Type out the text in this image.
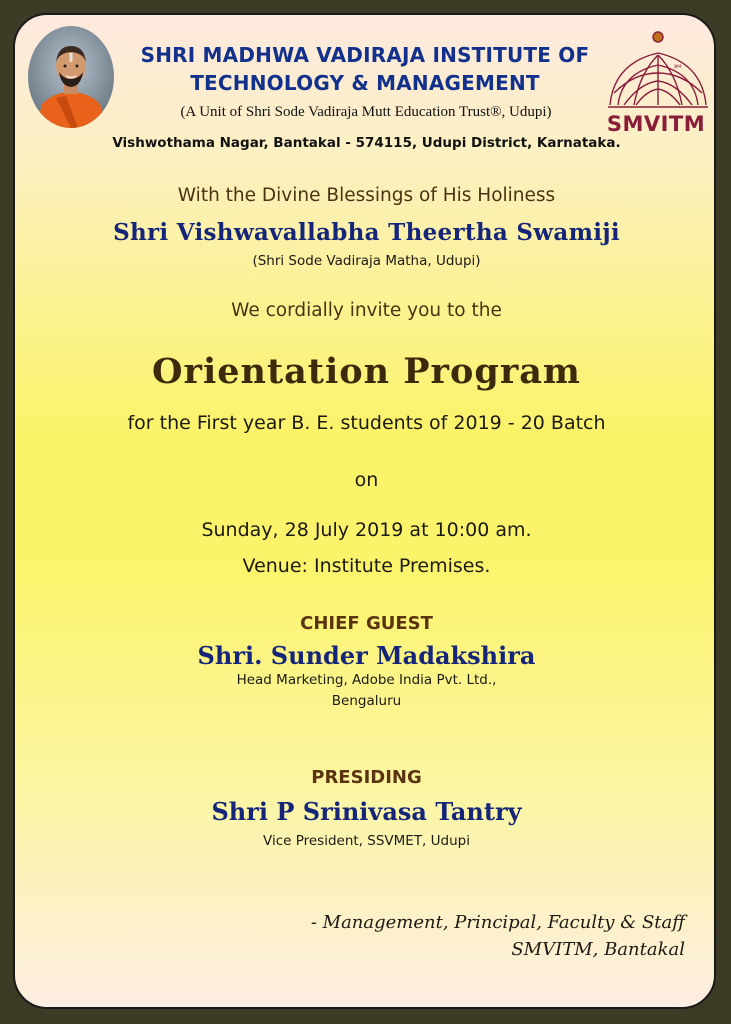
SHRI MADHWA VADIRAJA INSTITUTE OF
TECHNOLOGY & MANAGEMENT
(A Unit of Shri Sode Vadiraja Mutt Education Trust®, Udupi)
Vishwothama Nagar, Bantakal - 574115, Udupi District, Karnataka.
ज्ञानं
SMVITM
With the Divine Blessings of His Holiness
Shri Vishwavallabha Theertha Swamiji
(Shri Sode Vadiraja Matha, Udupi)
We cordially invite you to the
Orientation Program
for the First year B. E. students of 2019 - 20 Batch
on
Sunday, 28 July 2019 at 10:00 am.
Venue: Institute Premises.
CHIEF GUEST
Shri. Sunder Madakshira
Head Marketing, Adobe India Pvt. Ltd.,
Bengaluru
PRESIDING
Shri P Srinivasa Tantry
Vice President, SSVMET, Udupi
- Management, Principal, Faculty & Staff
SMVITM, Bantakal
